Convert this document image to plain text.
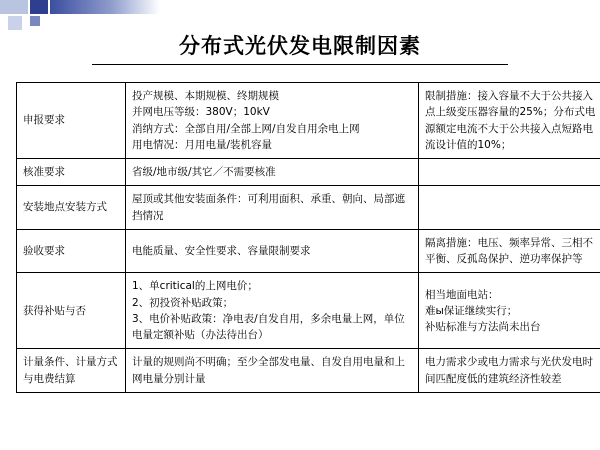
分布式光伏发电限制因素
申报要求	投产规模、本期规模、终期规模
并网电压等级：380V；10kV
消纳方式：全部自用/全部上网/自发自用余电上网
用电情况：月用电量/装机容量	限制措施：接入容量不大于公共接入点上级变压器容量的25%；分布式电源额定电流不大于公共接入点短路电流设计值的10%；

核准要求	省级/地市级/其它／不需要核准	

安装地点安装方式	屋顶或其他安装面条件：可利用面积、承重、朝向、局部遮挡情况	

验收要求	电能质量、安全性要求、容量限制要求	隔离措施：电压、频率异常、三相不平衡、反孤岛保护、逆功率保护等

获得补贴与否	1、单critical的上网电价；
2、初投资补贴政策；
3、电价补贴政策：净电表/自发自用，多余电量上网，单位电量定额补贴（办法待出台）	相当地面电站：
难ы保证继续实行；
补贴标准与方法尚未出台

计量条件、计量方式与电费结算	计量的规则尚不明确；至少全部发电量、自发自用电量和上网电量分别计量	电力需求少或电力需求与光伏发电时间匹配度低的建筑经济性较差
